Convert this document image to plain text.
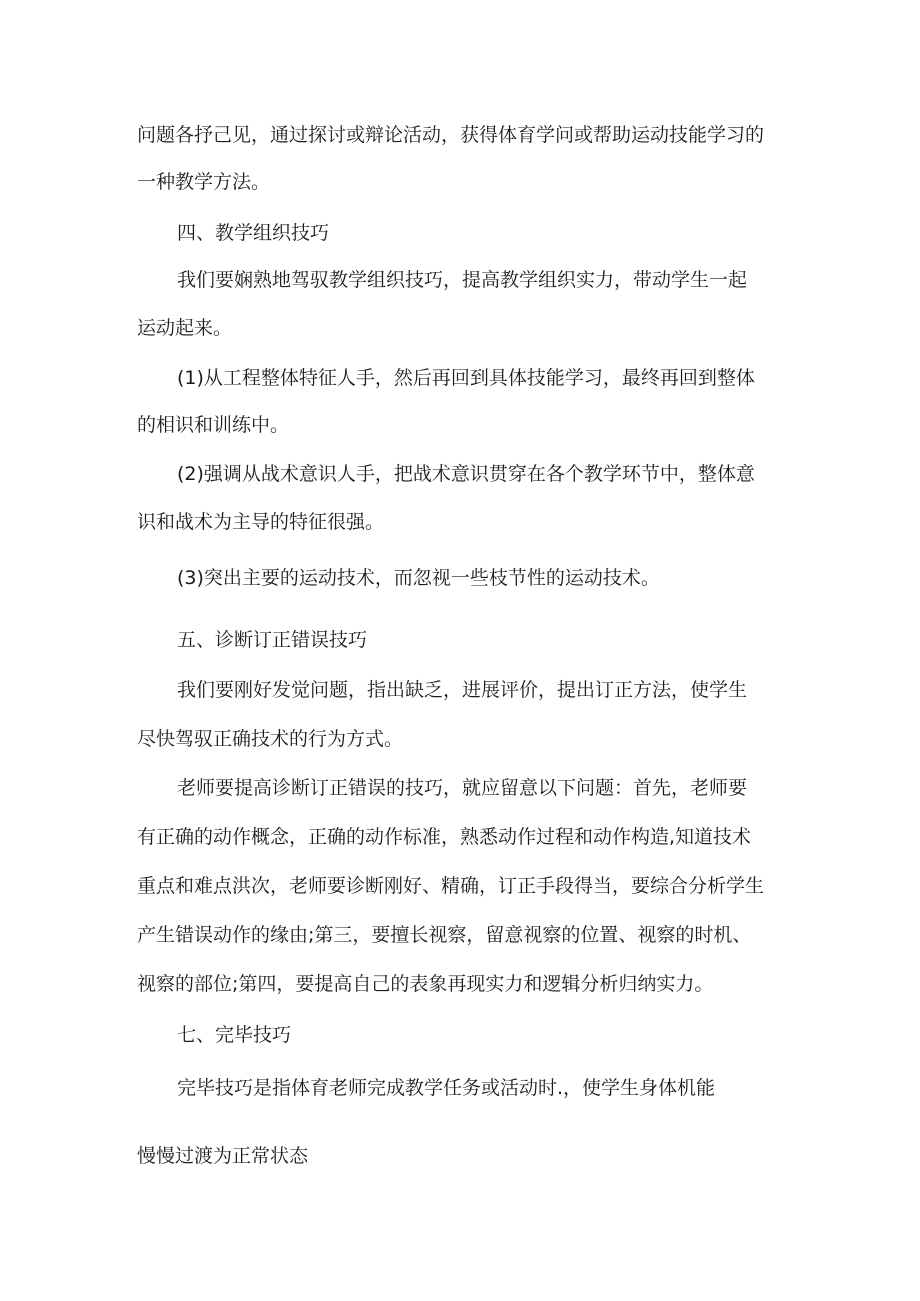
问题各抒己见，通过探讨或辩论活动，获得体育学问或帮助运动技能学习的

一种教学方法。

四、教学组织技巧

我们要娴熟地驾驭教学组织技巧，提高教学组织实力，带动学生一起

运动起来。

(1)从工程整体特征人手，然后再回到具体技能学习，最终再回到整体

的相识和训练中。

(2)强调从战术意识人手，把战术意识贯穿在各个教学环节中，整体意

识和战术为主导的特征很强。

(3)突出主要的运动技术，而忽视一些枝节性的运动技术。

五、诊断订正错误技巧

我们要刚好发觉问题，指出缺乏，进展评价，提出订正方法，使学生

尽快驾驭正确技术的行为方式。

老师要提高诊断订正错误的技巧，就应留意以下问题：首先，老师要

有正确的动作概念，正确的动作标准，熟悉动作过程和动作构造,知道技术

重点和难点洪次，老师要诊断刚好、精确，订正手段得当，要综合分析学生

产生错误动作的缘由;第三，要擅长视察，留意视察的位置、视察的时机、

视察的部位;第四，要提高自己的表象再现实力和逻辑分析归纳实力。

七、完毕技巧

完毕技巧是指体育老师完成教学任务或活动时.，使学生身体机能

慢慢过渡为正常状态
